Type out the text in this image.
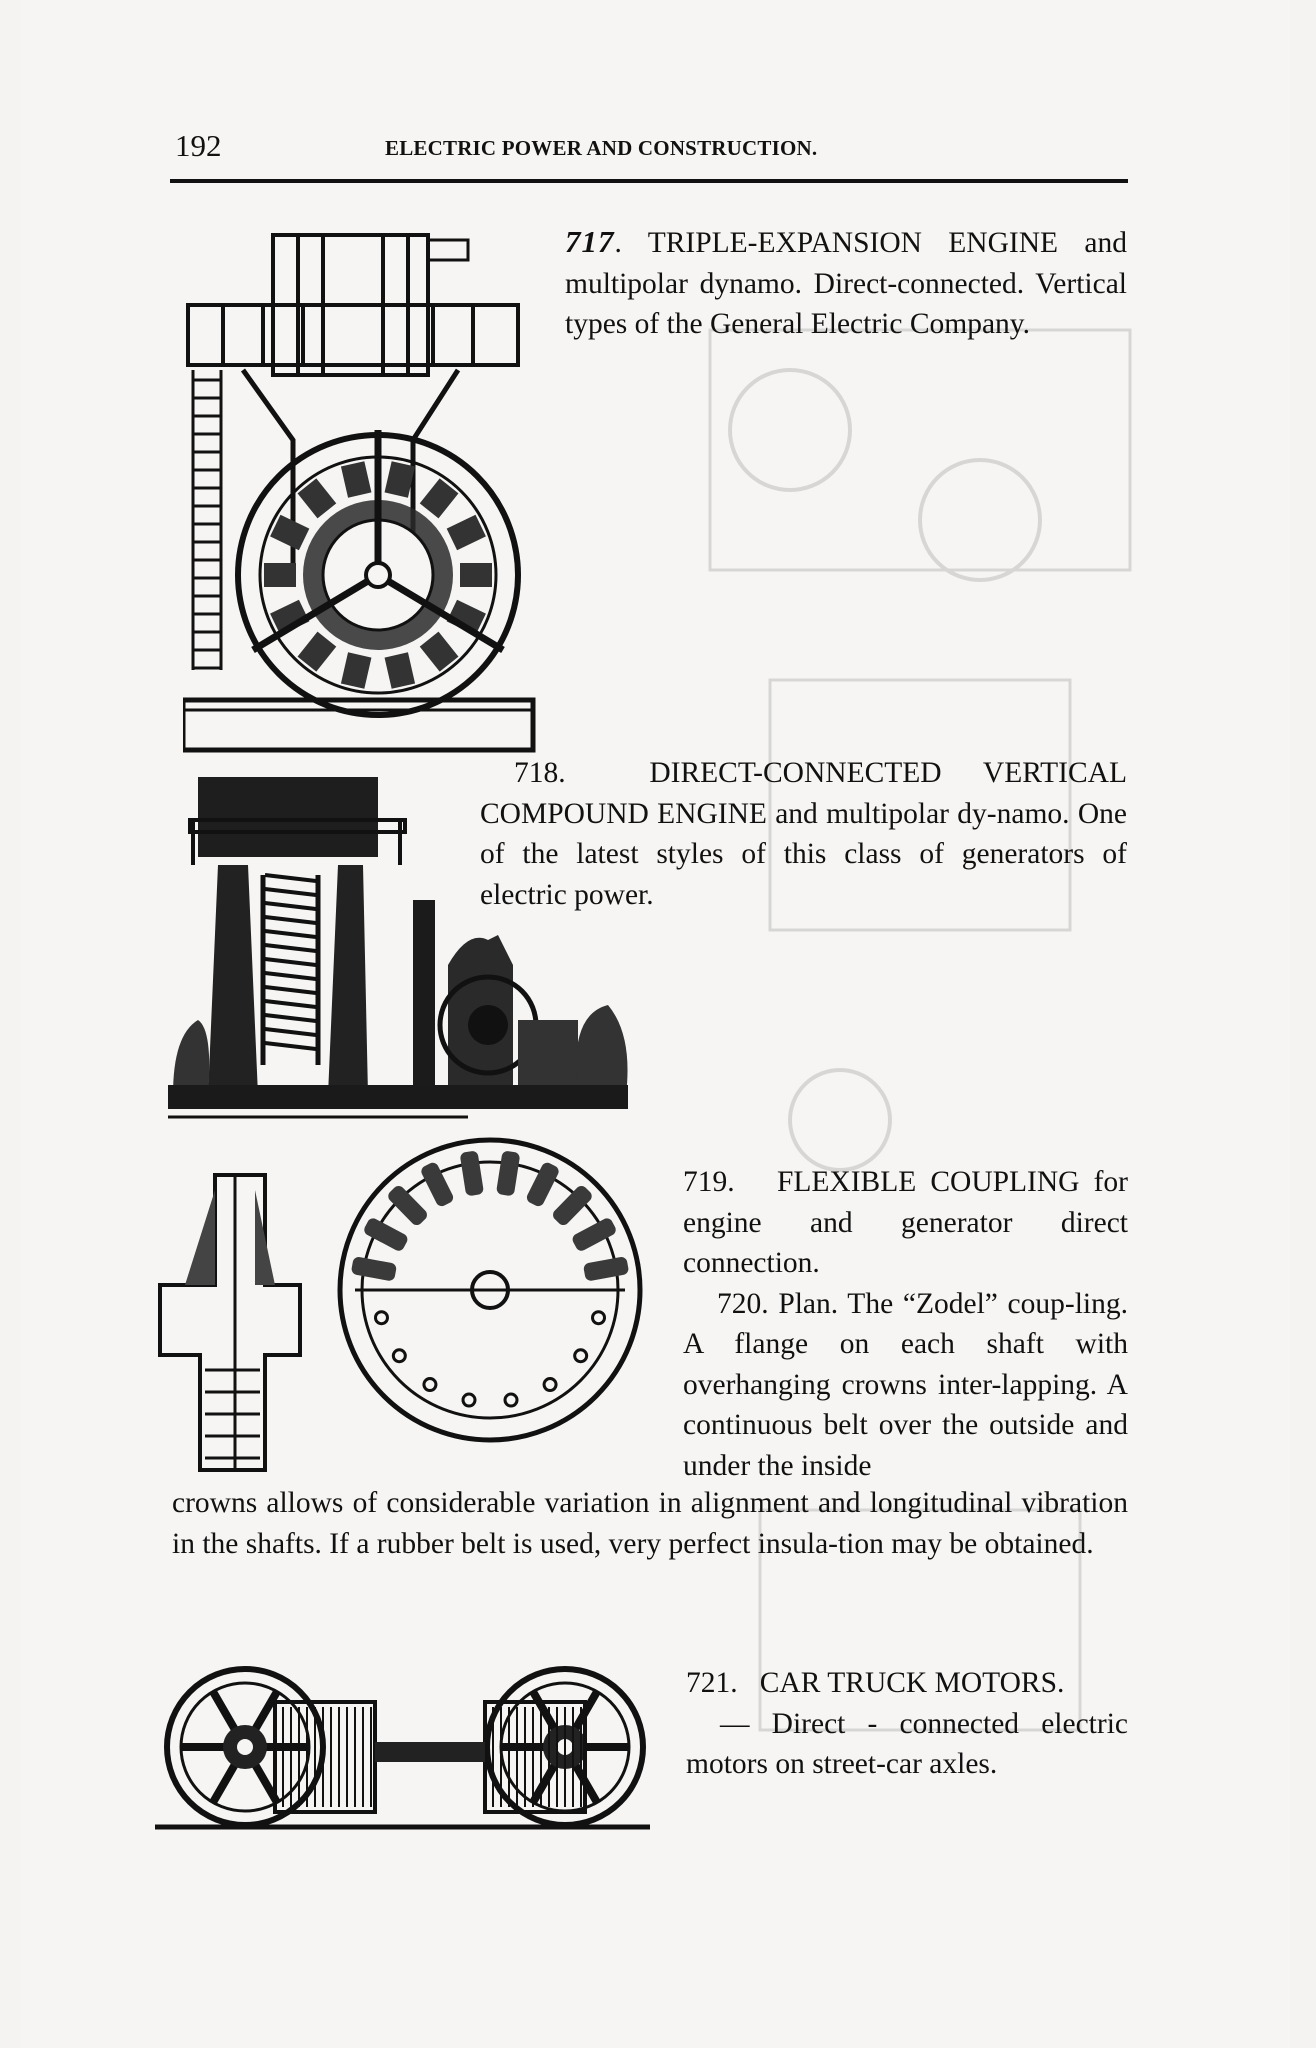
192	ELECTRIC POWER AND CONSTRUCTION.

717. TRIPLE-EXPANSION ENGINE and multipolar dynamo. Direct-connected. Vertical types of the General Electric Company.

718.	DIRECT-CONNECTED VERTICAL COMPOUND ENGINE and multipolar dy-namo. One of the latest styles of this class of generators of electric power.

719. FLEXIBLE COUPLING for engine and generator direct connection.

720. Plan. The “Zodel” coup-ling. A flange on each shaft with overhanging crowns inter-lapping. A continuous belt over the outside and under the inside

crowns allows of considerable variation in alignment and longitudinal vibration in the shafts. If a rubber belt is used, very perfect insula-tion may be obtained.

721. CAR TRUCK MOTORS.

— Direct - connected electric motors on street-car axles.
